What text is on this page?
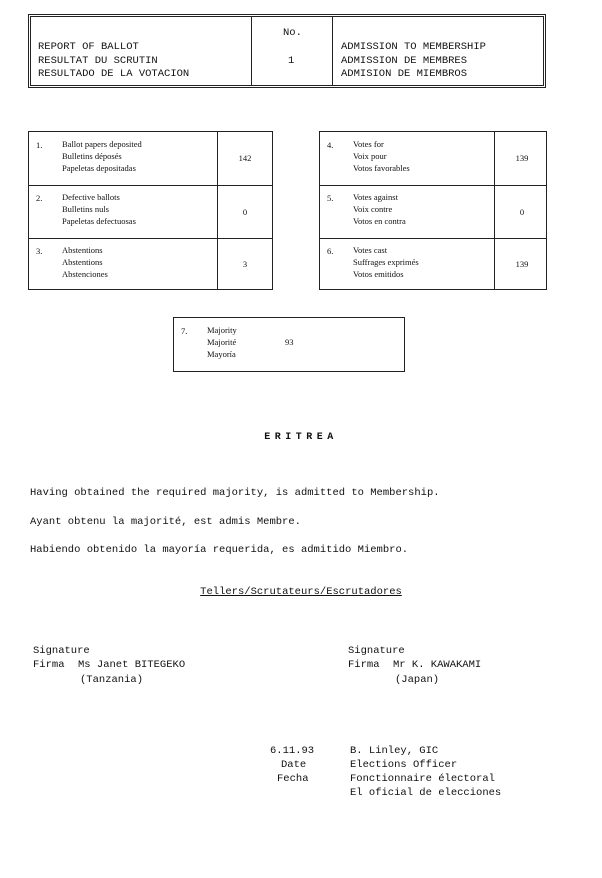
REPORT OF BALLOT
RESULTAT DU SCRUTIN
RESULTADO DE LA VOTACION
No.
1
ADMISSION TO MEMBERSHIP
ADMISSION DE MEMBRES
ADMISION DE MIEMBROS
1. Ballot papers deposited
Bulletins déposés
Papeletas depositadas
142
2. Defective ballots
Bulletins nuls
Papeletas defectuosas
0
3. Abstentions
Abstentions
Abstenciones
3
4. Votes for
Voix pour
Votos favorables
139
5. Votes against
Voix contre
Votos en contra
0
6. Votes cast
Suffrages exprimés
Votos emitidos
139
7. Majority
Majorité
Mayoría
93
ERITREA
Having obtained the required majority, is admitted to Membership.
Ayant obtenu la majorité, est admis Membre.
Habiendo obtenido la mayoría requerida, es admitido Miembro.
Tellers/Scrutateurs/Escrutadores
Signature
Firma Ms Janet BITEGEKO
(Tanzania)
Signature
Firma Mr K. KAWAKAMI
(Japan)
6.11.93
Date
Fecha
B. Linley, GIC
Elections Officer
Fonctionnaire électoral
El oficial de elecciones
